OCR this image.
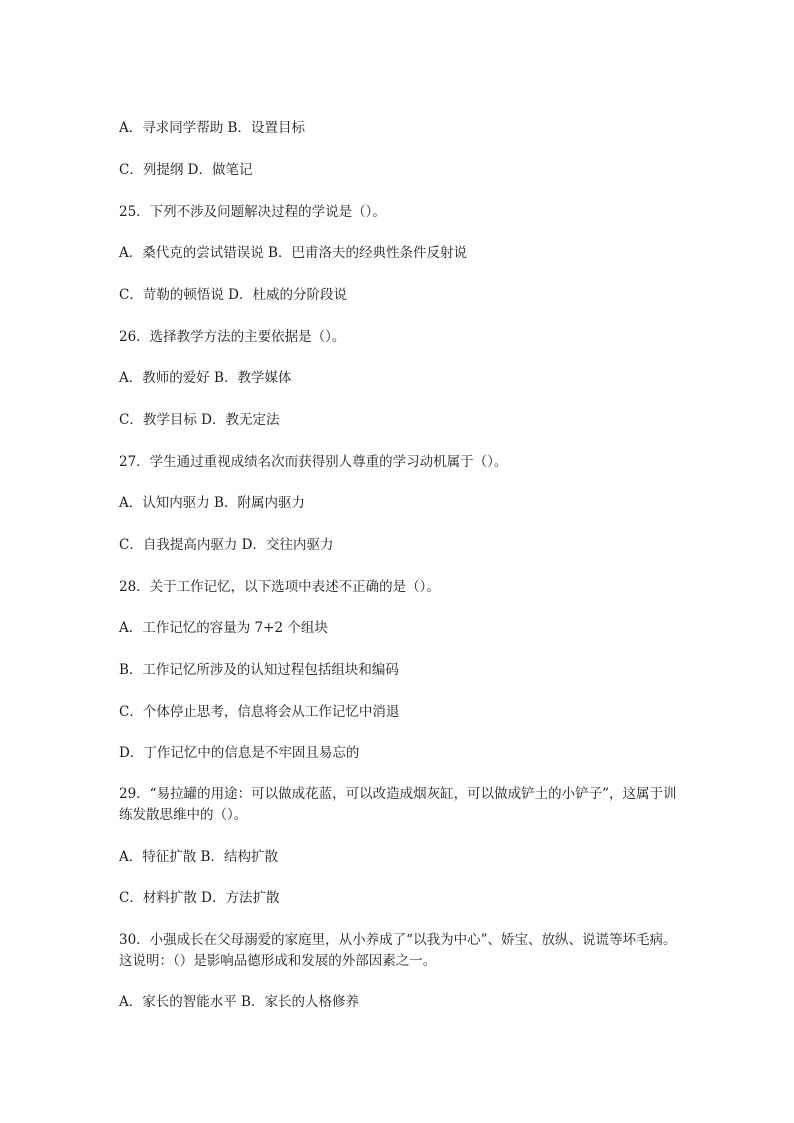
A．寻求同学帮助 B．设置目标
C．列提纲 D．做笔记
25．下列不涉及问题解决过程的学说是（）。
A．桑代克的尝试错误说 B．巴甫洛夫的经典性条件反射说
C．苛勒的顿悟说 D．杜威的分阶段说
26．选择教学方法的主要依据是（）。
A．教师的爱好 B．教学媒体
C．教学目标 D．教无定法
27．学生通过重视成绩名次而获得别人尊重的学习动机属于（）。
A．认知内驱力 B．附属内驱力
C．自我提高内驱力 D．交往内驱力
28．关于工作记忆，以下选项中表述不正确的是（）。
A．工作记忆的容量为 7+2 个组块
B．工作记忆所涉及的认知过程包括组块和编码
C．个体停止思考，信息将会从工作记忆中消退
D．丁作记忆中的信息是不牢固且易忘的
29．“易拉罐的用途：可以做成花蓝，可以改造成烟灰缸，可以做成铲土的小铲子”，这属于训练发散思维中的（）。
A．特征扩散 B．结构扩散
C．材料扩散 D．方法扩散
30．小强成长在父母溺爱的家庭里，从小养成了“以我为中心”、娇宝、放纵、说谎等坏毛病。这说明：（）是影响品德形成和发展的外部因素之一。
A．家长的智能水平 B．家长的人格修养
